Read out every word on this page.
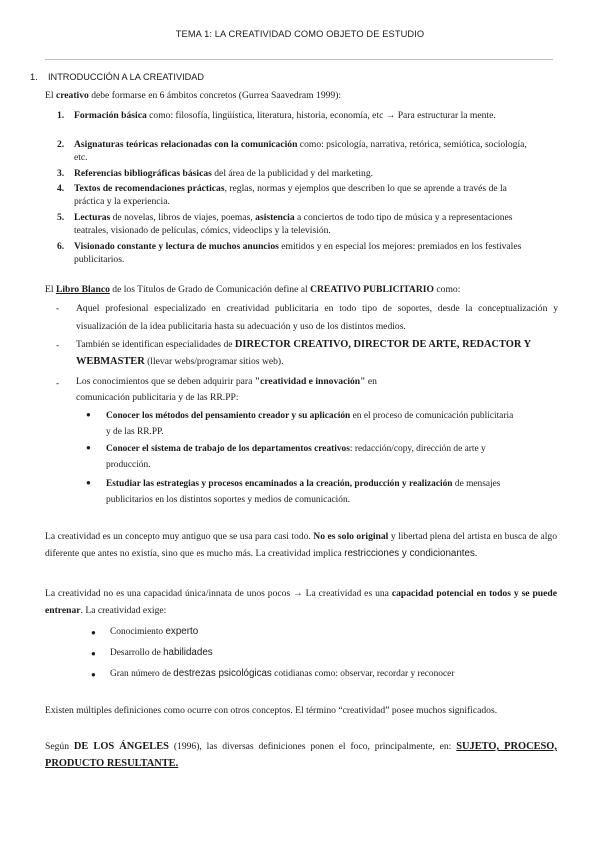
TEMA 1: LA CREATIVIDAD COMO OBJETO DE ESTUDIO
1. INTRODUCCIÓN A LA CREATIVIDAD
El creativo debe formarse en 6 ámbitos concretos (Gurrea Saavedram 1999):
1. Formación básica como: filosofía, lingüística, literatura, historia, economía, etc → Para estructurar la mente.
2. Asignaturas teóricas relacionadas con la comunicación como: psicología, narrativa, retórica, semiótica, sociología, etc.
3. Referencias bibliográficas básicas del área de la publicidad y del marketing.
4. Textos de recomendaciones prácticas, reglas, normas y ejemplos que describen lo que se aprende a través de la práctica y la experiencia.
5. Lecturas de novelas, libros de viajes, poemas, asistencia a conciertos de todo tipo de música y a representaciones teatrales, visionado de películas, cómics, videoclips y la televisión.
6. Visionado constante y lectura de muchos anuncios emitidos y en especial los mejores: premiados en los festivales publicitarios.
El Libro Blanco de los Títulos de Grado de Comunicación define al CREATIVO PUBLICITARIO como:
- Aquel profesional especializado en creatividad publicitaria en todo tipo de soportes, desde la conceptualización y visualización de la idea publicitaria hasta su adecuación y uso de los distintos medios.
- También se identifican especialidades de DIRECTOR CREATIVO, DIRECTOR DE ARTE, REDACTOR Y WEBMASTER (llevar webs/programar sitios web).
- Los conocimientos que se deben adquirir para "creatividad e innovación" en comunicación publicitaria y de las RR.PP:
● Conocer los métodos del pensamiento creador y su aplicación en el proceso de comunicación publicitaria y de las RR.PP.
● Conocer el sistema de trabajo de los departamentos creativos: redacción/copy, dirección de arte y producción.
● Estudiar las estrategias y procesos encaminados a la creación, producción y realización de mensajes publicitarios en los distintos soportes y medios de comunicación.
La creatividad es un concepto muy antiguo que se usa para casi todo. No es solo original y libertad plena del artista en busca de algo diferente que antes no existía, sino que es mucho más. La creatividad implica restricciones y condicionantes.
La creatividad no es una capacidad única/innata de unos pocos → La creatividad es una capacidad potencial en todos y se puede entrenar. La creatividad exige:
● Conocimiento experto
● Desarrollo de habilidades
● Gran número de destrezas psicológicas cotidianas como: observar, recordar y reconocer
Existen múltiples definiciones como ocurre con otros conceptos. El término “creatividad” posee muchos significados.
Según DE LOS ÁNGELES (1996), las diversas definiciones ponen el foco, principalmente, en: SUJETO, PROCESO, PRODUCTO RESULTANTE.
